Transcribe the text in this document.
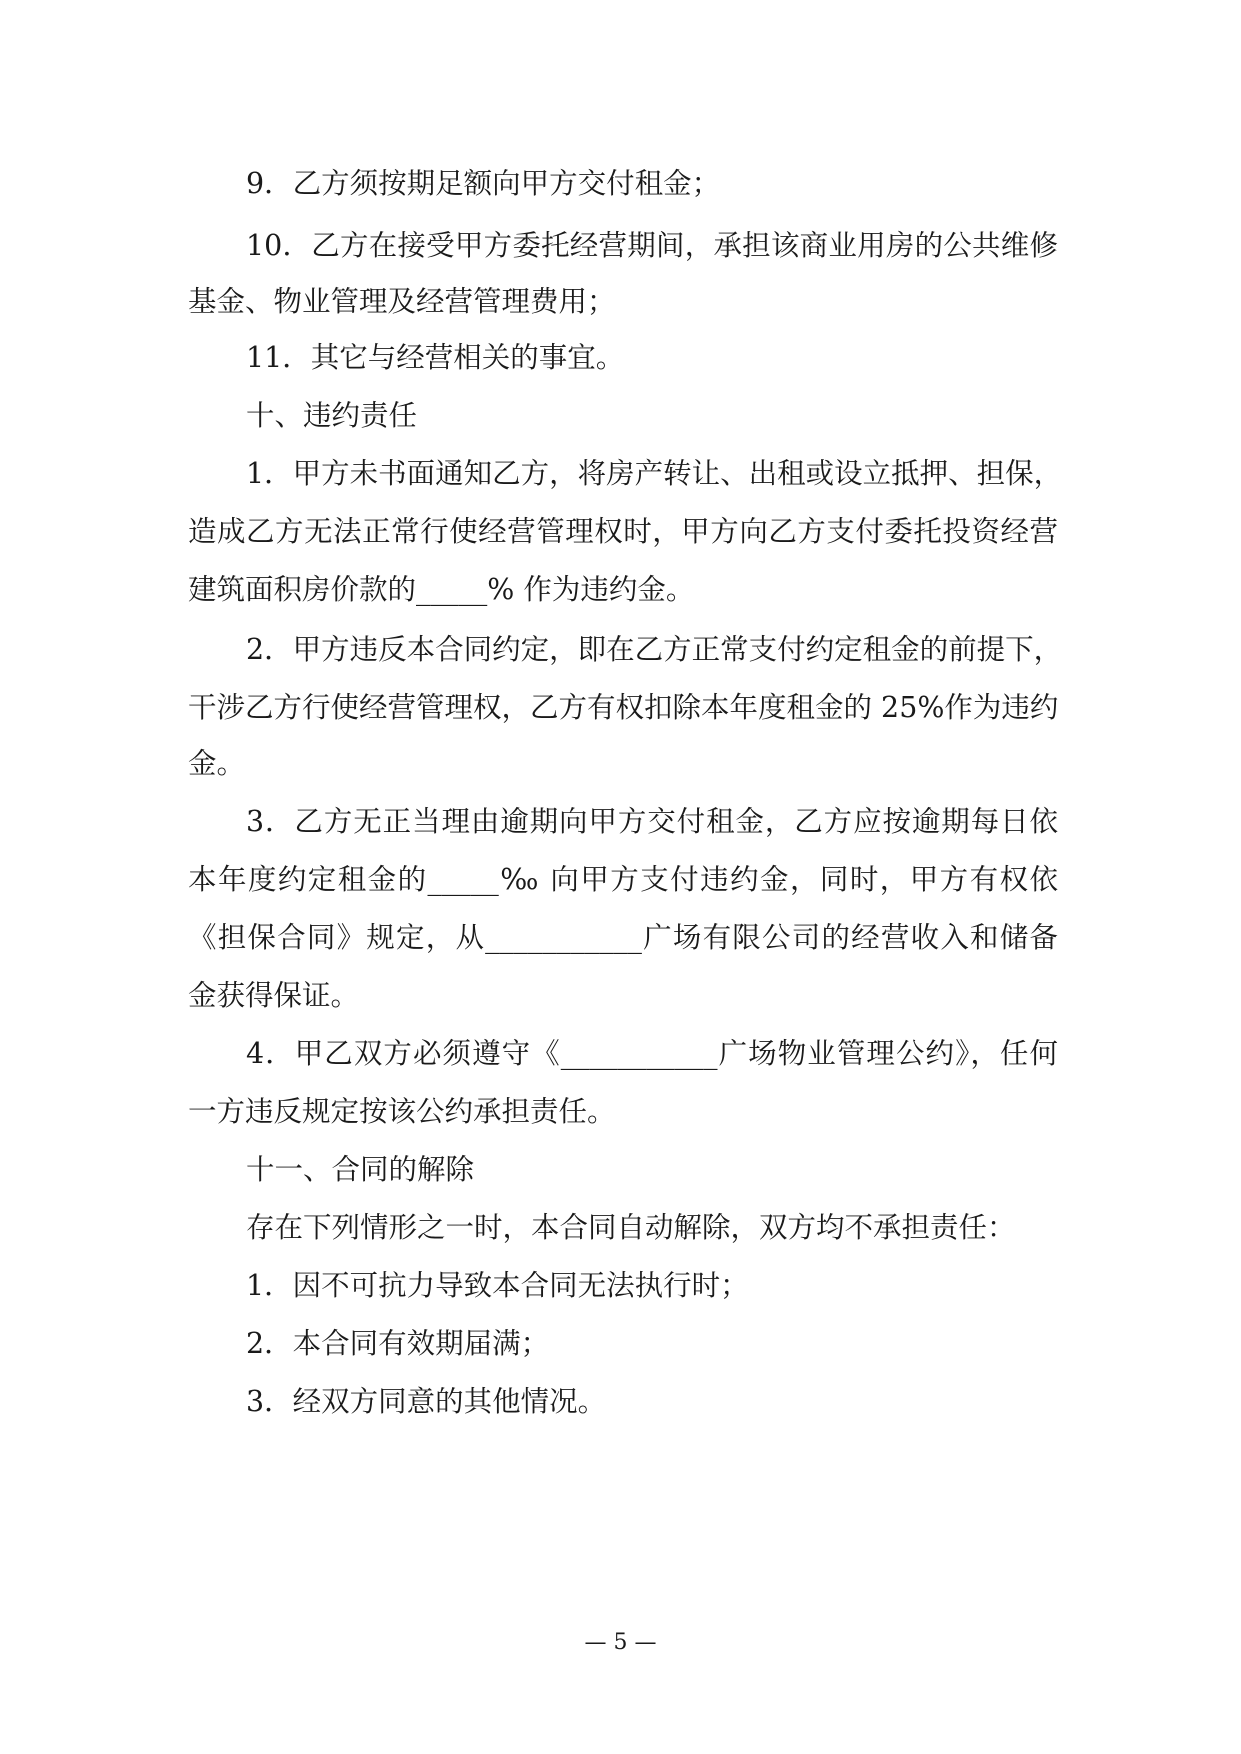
9．乙方须按期足额向甲方交付租金；
10．乙方在接受甲方委托经营期间，承担该商业用房的公共维修
基金、物业管理及经营管理费用；
11．其它与经营相关的事宜。
十、违约责任
1．甲方未书面通知乙方，将房产转让、出租或设立抵押、担保，
造成乙方无法正常行使经营管理权时，甲方向乙方支付委托投资经营
建筑面积房价款的_____% 作为违约金。
2．甲方违反本合同约定，即在乙方正常支付约定租金的前提下，
干涉乙方行使经营管理权，乙方有权扣除本年度租金的 25%作为违约
金。
3．乙方无正当理由逾期向甲方交付租金，乙方应按逾期每日依
本年度约定租金的_____‰ 向甲方支付违约金，同时，甲方有权依
《担保合同》规定，从___________广场有限公司的经营收入和储备
金获得保证。
4．甲乙双方必须遵守《___________广场物业管理公约》，任何
一方违反规定按该公约承担责任。
十一、合同的解除
存在下列情形之一时，本合同自动解除，双方均不承担责任：
1．因不可抗力导致本合同无法执行时；
2．本合同有效期届满；
3．经双方同意的其他情况。
— 5 —
